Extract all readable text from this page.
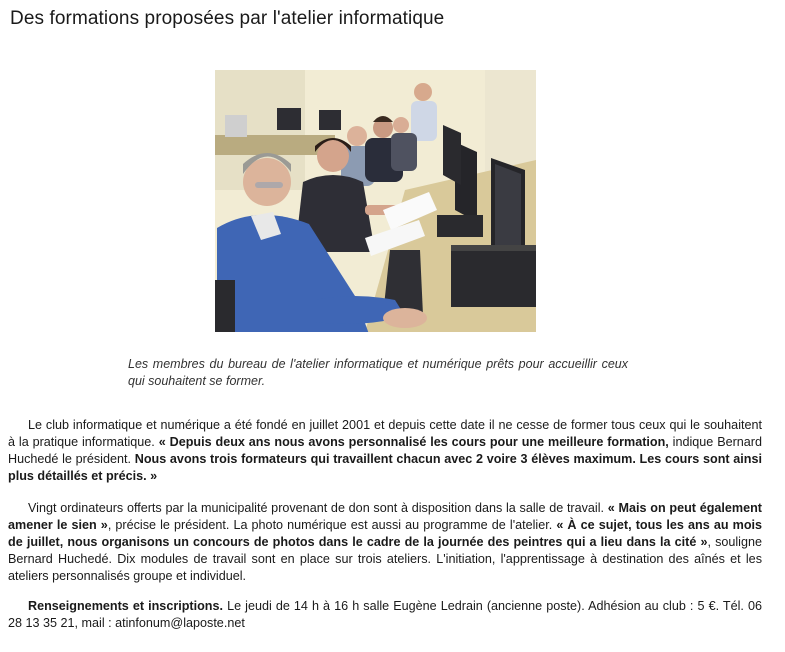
Des formations proposées par l'atelier informatique

Les membres du bureau de l'atelier informatique et numérique prêts pour accueillir ceux qui souhaitent se former.

Le club informatique et numérique a été fondé en juillet 2001 et depuis cette date il ne cesse de former tous ceux qui le souhaitent à la pratique informatique. « Depuis deux ans nous avons personnalisé les cours pour une meilleure formation, indique Bernard Huchedé le président. Nous avons trois formateurs qui travaillent chacun avec 2 voire 3 élèves maximum. Les cours sont ainsi plus détaillés et précis. »

Vingt ordinateurs offerts par la municipalité provenant de don sont à disposition dans la salle de travail. « Mais on peut également amener le sien », précise le président. La photo numérique est aussi au programme de l'atelier. « À ce sujet, tous les ans au mois de juillet, nous organisons un concours de photos dans le cadre de la journée des peintres qui a lieu dans la cité », souligne Bernard Huchedé. Dix modules de travail sont en place sur trois ateliers. L'initiation, l'apprentissage à destination des aînés et les ateliers personnalisés groupe et individuel.

Renseignements et inscriptions. Le jeudi de 14 h à 16 h salle Eugène Ledrain (ancienne poste). Adhésion au club : 5 €. Tél. 06 28 13 35 21, mail : atinfonum@laposte.net
